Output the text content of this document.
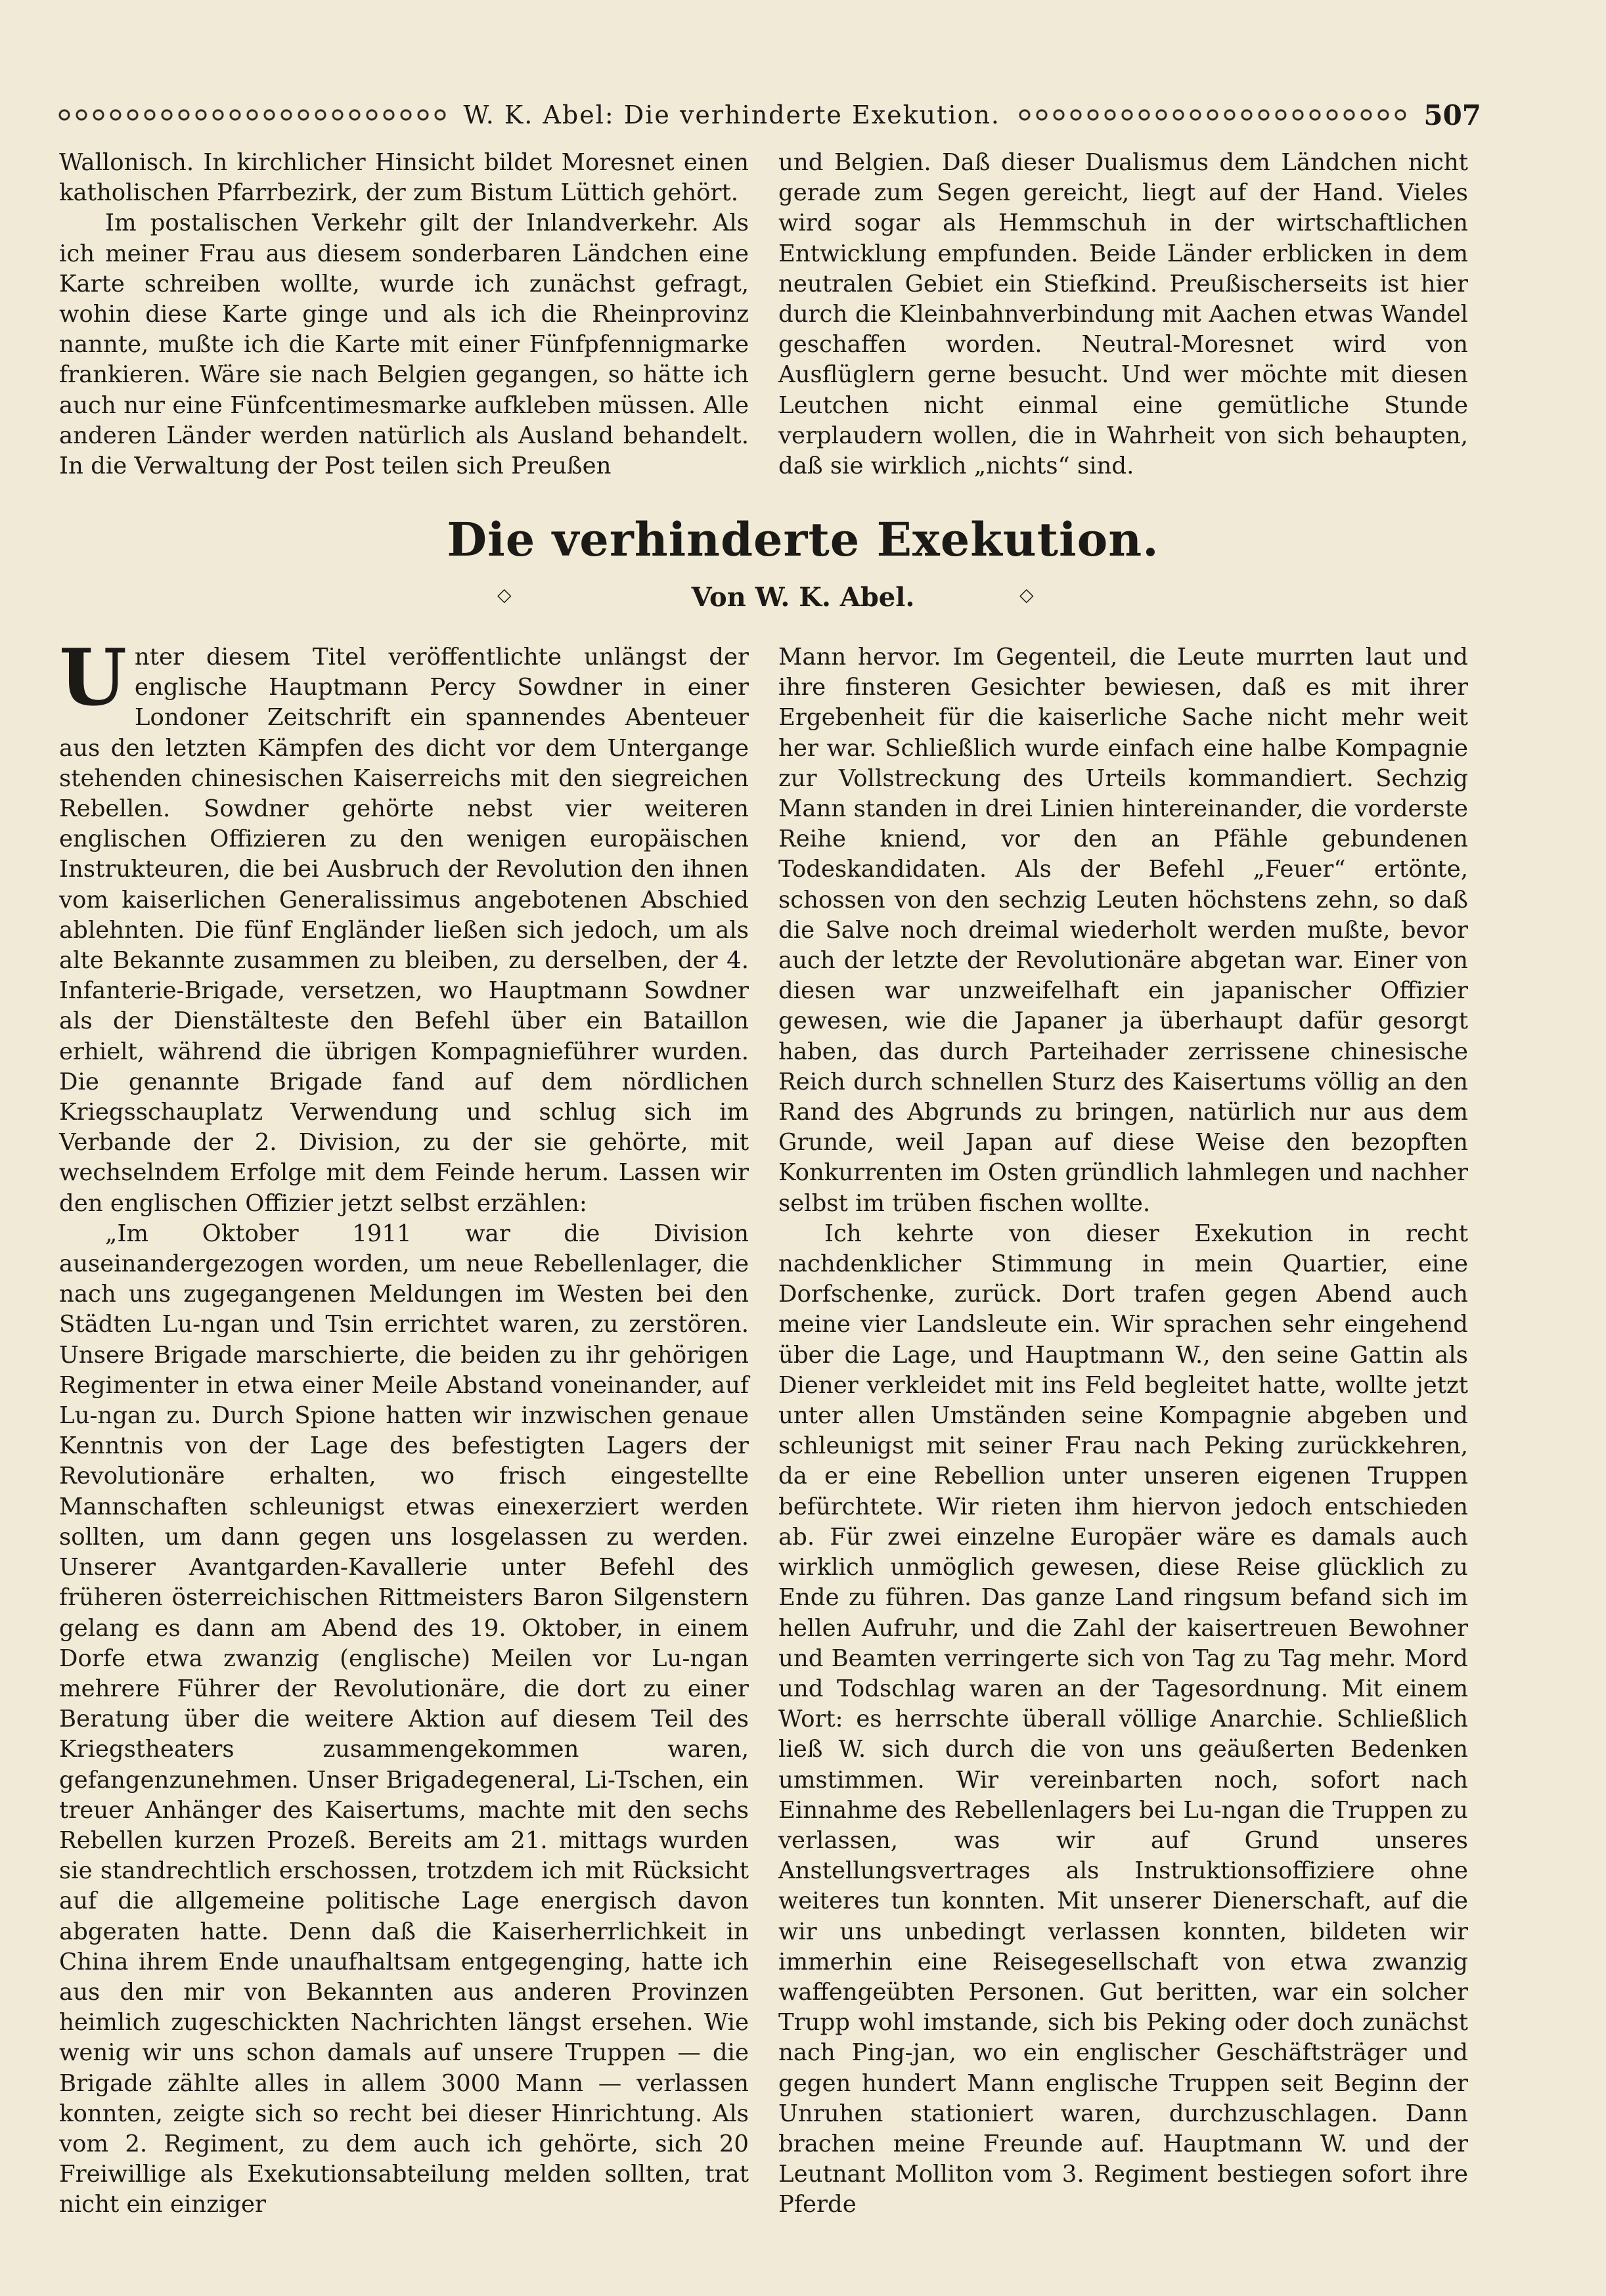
W. K. Abel: Die verhinderte Exekution.	507

Wallonisch. In kirchlicher Hinsicht bildet Moresnet einen katholischen Pfarrbezirk, der zum Bistum Lüttich gehört.

Im postalischen Verkehr gilt der Inlandverkehr. Als ich meiner Frau aus diesem sonderbaren Ländchen eine Karte schreiben wollte, wurde ich zunächst gefragt, wohin diese Karte ginge und als ich die Rheinprovinz nannte, mußte ich die Karte mit einer Fünfpfennigmarke frankieren. Wäre sie nach Belgien gegangen, so hätte ich auch nur eine Fünfcentimesmarke aufkleben müssen. Alle anderen Länder werden natürlich als Ausland behandelt. In die Verwaltung der Post teilen sich Preußen

und Belgien. Daß dieser Dualismus dem Ländchen nicht gerade zum Segen gereicht, liegt auf der Hand. Vieles wird sogar als Hemmschuh in der wirtschaftlichen Entwicklung empfunden. Beide Länder erblicken in dem neutralen Gebiet ein Stiefkind. Preußischerseits ist hier durch die Kleinbahnverbindung mit Aachen etwas Wandel geschaffen worden. Neutral-Moresnet wird von Ausflüglern gerne besucht. Und wer möchte mit diesen Leutchen nicht einmal eine gemütliche Stunde verplaudern wollen, die in Wahrheit von sich behaupten, daß sie wirklich „nichts“ sind.

Die verhinderte Exekution.
◇	Von W. K. Abel.	◇

Unter diesem Titel veröffentlichte unlängst der englische Hauptmann Percy Sowdner in einer Londoner Zeitschrift ein spannendes Abenteuer aus den letzten Kämpfen des dicht vor dem Untergange stehenden chinesischen Kaiserreichs mit den siegreichen Rebellen. Sowdner gehörte nebst vier weiteren englischen Offizieren zu den wenigen europäischen Instrukteuren, die bei Ausbruch der Revolution den ihnen vom kaiserlichen Generalissimus angebotenen Abschied ablehnten. Die fünf Engländer ließen sich jedoch, um als alte Bekannte zusammen zu bleiben, zu derselben, der 4. Infanterie-Brigade, versetzen, wo Hauptmann Sowdner als der Dienstälteste den Befehl über ein Bataillon erhielt, während die übrigen Kompagnieführer wurden. Die genannte Brigade fand auf dem nördlichen Kriegsschauplatz Verwendung und schlug sich im Verbande der 2. Division, zu der sie gehörte, mit wechselndem Erfolge mit dem Feinde herum. Lassen wir den englischen Offizier jetzt selbst erzählen:

„Im Oktober 1911 war die Division auseinandergezogen worden, um neue Rebellenlager, die nach uns zugegangenen Meldungen im Westen bei den Städten Lu-ngan und Tsin errichtet waren, zu zerstören. Unsere Brigade marschierte, die beiden zu ihr gehörigen Regimenter in etwa einer Meile Abstand voneinander, auf Lu-ngan zu. Durch Spione hatten wir inzwischen genaue Kenntnis von der Lage des befestigten Lagers der Revolutionäre erhalten, wo frisch eingestellte Mannschaften schleunigst etwas einexerziert werden sollten, um dann gegen uns losgelassen zu werden. Unserer Avantgarden-Kavallerie unter Befehl des früheren österreichischen Rittmeisters Baron Silgenstern gelang es dann am Abend des 19. Oktober, in einem Dorfe etwa zwanzig (englische) Meilen vor Lu-ngan mehrere Führer der Revolutionäre, die dort zu einer Beratung über die weitere Aktion auf diesem Teil des Kriegstheaters zusammengekommen waren, gefangenzunehmen. Unser Brigadegeneral, Li-Tschen, ein treuer Anhänger des Kaisertums, machte mit den sechs Rebellen kurzen Prozeß. Bereits am 21. mittags wurden sie standrechtlich erschossen, trotzdem ich mit Rücksicht auf die allgemeine politische Lage energisch davon abgeraten hatte. Denn daß die Kaiserherrlichkeit in China ihrem Ende unaufhaltsam entgegenging, hatte ich aus den mir von Bekannten aus anderen Provinzen heimlich zugeschickten Nachrichten längst ersehen. Wie wenig wir uns schon damals auf unsere Truppen — die Brigade zählte alles in allem 3000 Mann — verlassen konnten, zeigte sich so recht bei dieser Hinrichtung. Als vom 2. Regiment, zu dem auch ich gehörte, sich 20 Freiwillige als Exekutionsabteilung melden sollten, trat nicht ein einziger

Mann hervor. Im Gegenteil, die Leute murrten laut und ihre finsteren Gesichter bewiesen, daß es mit ihrer Ergebenheit für die kaiserliche Sache nicht mehr weit her war. Schließlich wurde einfach eine halbe Kompagnie zur Vollstreckung des Urteils kommandiert. Sechzig Mann standen in drei Linien hintereinander, die vorderste Reihe kniend, vor den an Pfähle gebundenen Todeskandidaten. Als der Befehl „Feuer“ ertönte, schossen von den sechzig Leuten höchstens zehn, so daß die Salve noch dreimal wiederholt werden mußte, bevor auch der letzte der Revolutionäre abgetan war. Einer von diesen war unzweifelhaft ein japanischer Offizier gewesen, wie die Japaner ja überhaupt dafür gesorgt haben, das durch Parteihader zerrissene chinesische Reich durch schnellen Sturz des Kaisertums völlig an den Rand des Abgrunds zu bringen, natürlich nur aus dem Grunde, weil Japan auf diese Weise den bezopften Konkurrenten im Osten gründlich lahmlegen und nachher selbst im trüben fischen wollte.

Ich kehrte von dieser Exekution in recht nachdenklicher Stimmung in mein Quartier, eine Dorfschenke, zurück. Dort trafen gegen Abend auch meine vier Landsleute ein. Wir sprachen sehr eingehend über die Lage, und Hauptmann W., den seine Gattin als Diener verkleidet mit ins Feld begleitet hatte, wollte jetzt unter allen Umständen seine Kompagnie abgeben und schleunigst mit seiner Frau nach Peking zurückkehren, da er eine Rebellion unter unseren eigenen Truppen befürchtete. Wir rieten ihm hiervon jedoch entschieden ab. Für zwei einzelne Europäer wäre es damals auch wirklich unmöglich gewesen, diese Reise glücklich zu Ende zu führen. Das ganze Land ringsum befand sich im hellen Aufruhr, und die Zahl der kaisertreuen Bewohner und Beamten verringerte sich von Tag zu Tag mehr. Mord und Todschlag waren an der Tagesordnung. Mit einem Wort: es herrschte überall völlige Anarchie. Schließlich ließ W. sich durch die von uns geäußerten Bedenken umstimmen. Wir vereinbarten noch, sofort nach Einnahme des Rebellenlagers bei Lu-ngan die Truppen zu verlassen, was wir auf Grund unseres Anstellungsvertrages als Instruktionsoffiziere ohne weiteres tun konnten. Mit unserer Dienerschaft, auf die wir uns unbedingt verlassen konnten, bildeten wir immerhin eine Reisegesellschaft von etwa zwanzig waffengeübten Personen. Gut beritten, war ein solcher Trupp wohl imstande, sich bis Peking oder doch zunächst nach Ping-jan, wo ein englischer Geschäftsträger und gegen hundert Mann englische Truppen seit Beginn der Unruhen stationiert waren, durchzuschlagen. Dann brachen meine Freunde auf. Hauptmann W. und der Leutnant Molliton vom 3. Regiment bestiegen sofort ihre Pferde
